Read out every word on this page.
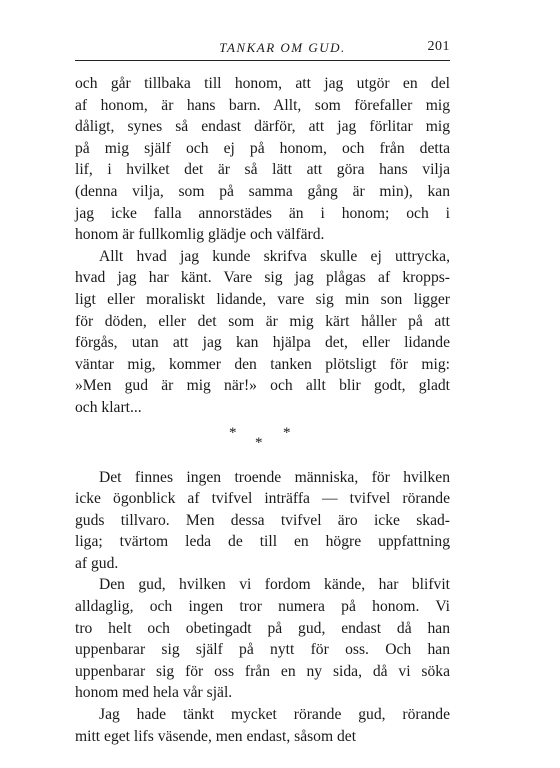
TANKAR OM GUD.	201
och går tillbaka till honom, att jag utgör en del
af honom, är hans barn. Allt, som förefaller mig
dåligt, synes så endast därför, att jag förlitar mig
på mig själf och ej på honom, och från detta
lif, i hvilket det är så lätt att göra hans vilja
(denna vilja, som på samma gång är min), kan
jag icke falla annorstädes än i honom; och i
honom är fullkomlig glädje och välfärd.
Allt hvad jag kunde skrifva skulle ej uttrycka,
hvad jag har känt. Vare sig jag plågas af kropps-
ligt eller moraliskt lidande, vare sig min son ligger
för döden, eller det som är mig kärt håller på att
förgås, utan att jag kan hjälpa det, eller lidande
väntar mig, kommer den tanken plötsligt för mig:
»Men gud är mig när!» och allt blir godt, gladt
och klart...
*
*
*
Det finnes ingen troende människa, för hvilken
icke ögonblick af tvifvel inträffa — tvifvel rörande
guds tillvaro. Men dessa tvifvel äro icke skad-
liga; tvärtom leda de till en högre uppfattning
af gud.
Den gud, hvilken vi fordom kände, har blifvit
alldaglig, och ingen tror numera på honom. Vi
tro helt och obetingadt på gud, endast då han
uppenbarar sig själf på nytt för oss. Och han
uppenbarar sig för oss från en ny sida, då vi söka
honom med hela vår själ.
Jag hade tänkt mycket rörande gud, rörande
mitt eget lifs väsende, men endast, såsom det
